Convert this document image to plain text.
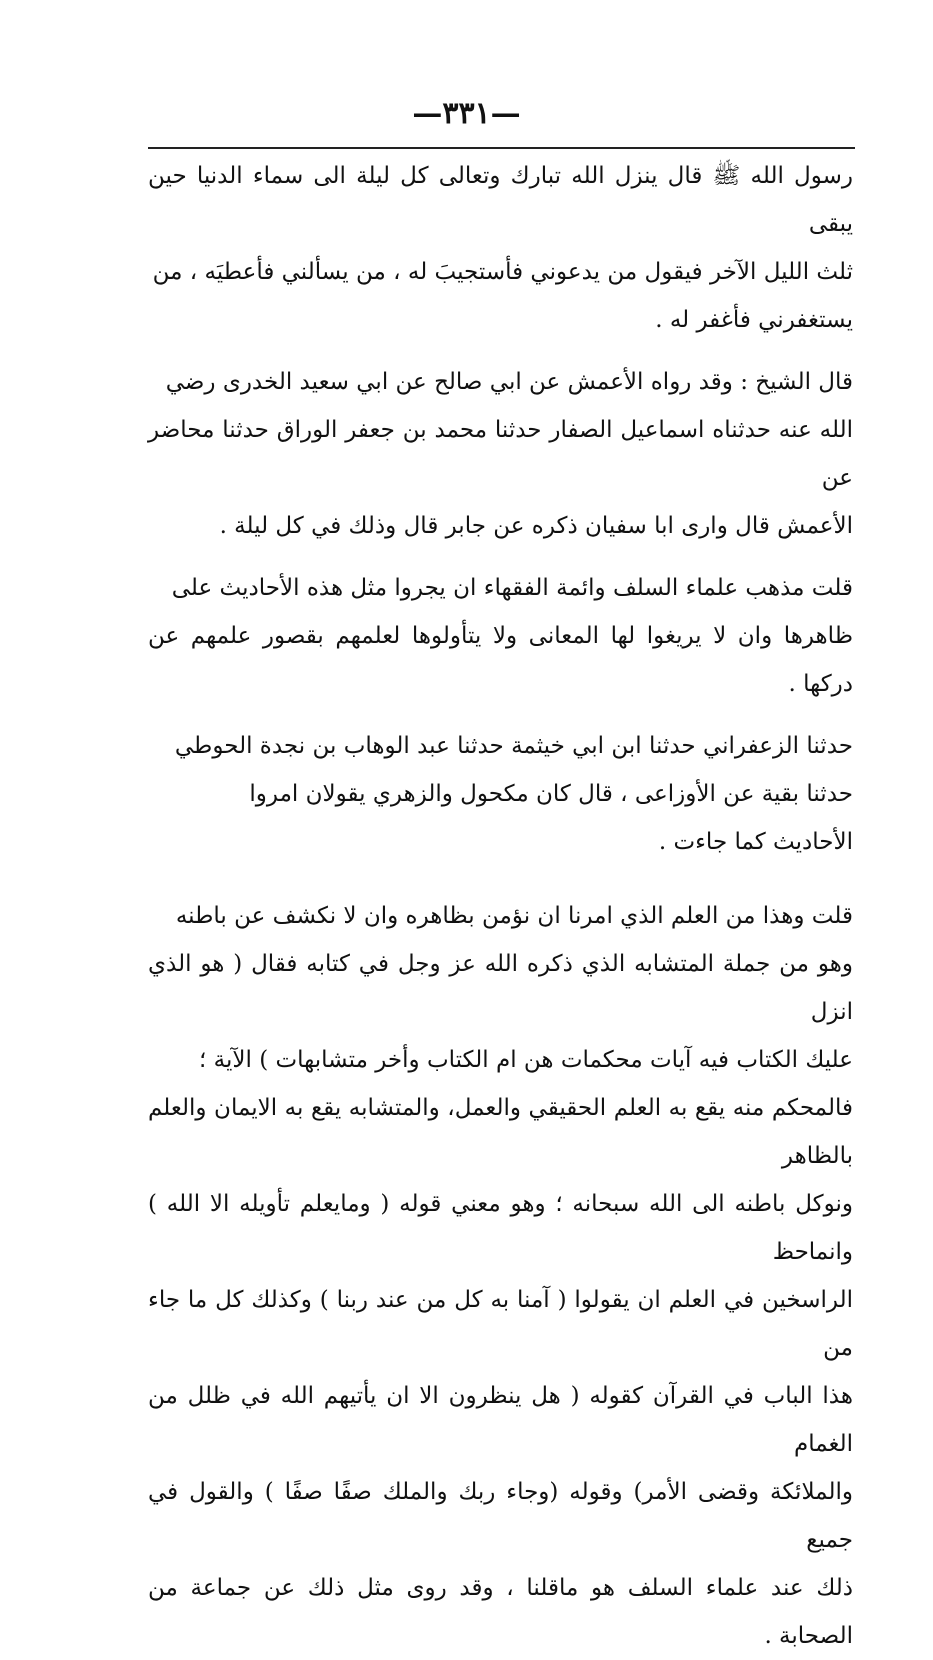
—٣٣١—
رسول الله ﷺ قال ينزل الله تبارك وتعالى كل ليلة الى سماء الدنيا حين يبقى
ثلث الليل الآخر فيقول من يدعوني فأستجيبَ له ، من يسألني فأعطيَه ، من
يستغفرني فأغفر له .
قال الشيخ : وقد رواه الأعمش عن ابي صالح عن ابي سعيد الخدرى رضي
الله عنه حدثناه اسماعيل الصفار حدثنا محمد بن جعفر الوراق حدثنا محاضر عن
الأعمش قال وارى ابا سفيان ذكره عن جابر قال وذلك في كل ليلة .
قلت مذهب علماء السلف وائمة الفقهاء ان يجروا مثل هذه الأحاديث على
ظاهرها وان لا يريغوا لها المعانى ولا يتأولوها لعلمهم بقصور علمهم عن دركها .
حدثنا الزعفراني حدثنا ابن ابي خيثمة حدثنا عبد الوهاب بن نجدة الحوطي
حدثنا بقية عن الأوزاعى ، قال كان مكحول والزهري يقولان امروا
الأحاديث كما جاءت .
قلت وهذا من العلم الذي امرنا ان نؤمن بظاهره وان لا نكشف عن باطنه
وهو من جملة المتشابه الذي ذكره الله عز وجل في كتابه فقال ( هو الذي انزل
عليك الكتاب فيه آيات محكمات هن ام الكتاب وأخر متشابهات ) الآية ؛
فالمحكم منه يقع به العلم الحقيقي والعمل، والمتشابه يقع به الايمان والعلم بالظاهر
ونوكل باطنه الى الله سبحانه ؛ وهو معني قوله ( ومايعلم تأويله الا الله ) وانماحظ
الراسخين في العلم ان يقولوا ( آمنا به كل من عند ربنا ) وكذلك كل ما جاء من
هذا الباب في القرآن كقوله ( هل ينظرون الا ان يأتيهم الله في ظلل من الغمام
والملائكة وقضى الأمر) وقوله (وجاء ربك والملك صفًا صفًا ) والقول في جميع
ذلك عند علماء السلف هو ماقلنا ، وقد روى مثل ذلك عن جماعة من الصحابة .
